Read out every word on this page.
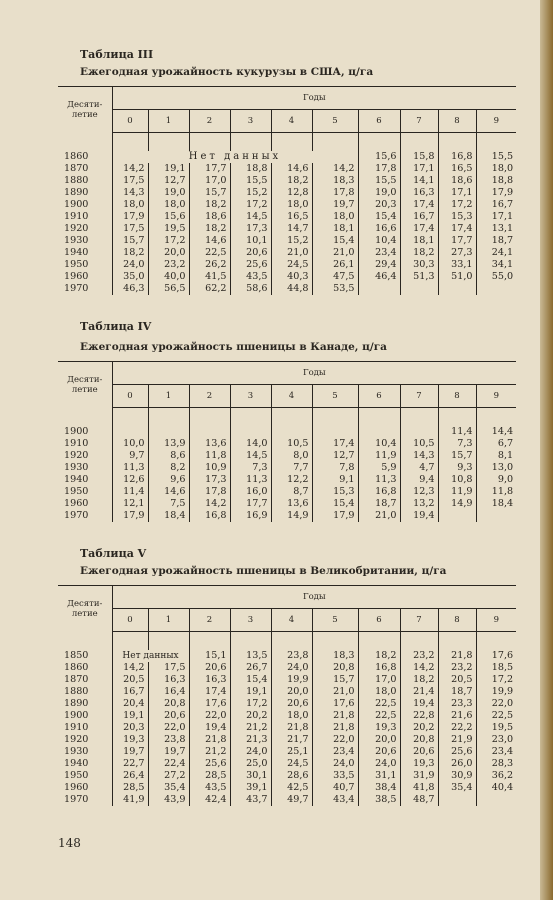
Таблица III

Ежегодная урожайность кукурузы в США, ц/га

Десяти-
летие	Годы									
	0	1	2	3	4	5	6	7	8	9

1860	Нет данных						15,6	15,8	16,8	15,5
1870	14,2	19,1	17,7	18,8	14,6	14,2	17,8	17,1	16,5	18,0
1880	17,5	12,7	17,0	15,5	18,2	18,3	15,5	14,1	18,6	18,8
1890	14,3	19,0	15,7	15,2	12,8	17,8	19,0	16,3	17,1	17,9
1900	18,0	18,0	18,2	17,2	18,0	19,7	20,3	17,4	17,2	16,7
1910	17,9	15,6	18,6	14,5	16,5	18,0	15,4	16,7	15,3	17,1
1920	17,5	19,5	18,2	17,3	14,7	18,1	16,6	17,4	17,4	13,1
1930	15,7	17,2	14,6	10,1	15,2	15,4	10,4	18,1	17,7	18,7
1940	18,2	20,0	22,5	20,6	21,0	21,0	23,4	18,2	27,3	24,1
1950	24,0	23,2	26,2	25,6	24,5	26,1	29,4	30,3	33,1	34,1
1960	35,0	40,0	41,5	43,5	40,3	47,5	46,4	51,3	51,0	55,0
1970	46,3	56,5	62,2	58,6	44,8	53,5				

Таблица IV

Ежегодная урожайность пшеницы в Канаде, ц/га

Десяти-
летие	Годы									
	0	1	2	3	4	5	6	7	8	9

1900									11,4	14,4
1910	10,0	13,9	13,6	14,0	10,5	17,4	10,4	10,5	7,3	6,7
1920	9,7	8,6	11,8	14,5	8,0	12,7	11,9	14,3	15,7	8,1
1930	11,3	8,2	10,9	7,3	7,7	7,8	5,9	4,7	9,3	13,0
1940	12,6	9,6	17,3	11,3	12,2	9,1	11,3	9,4	10,8	9,0
1950	11,4	14,6	17,8	16,0	8,7	15,3	16,8	12,3	11,9	11,8
1960	12,1	7,5	14,2	17,7	13,6	15,4	18,7	13,2	14,9	18,4
1970	17,9	18,4	16,8	16,9	14,9	17,9	21,0	19,4		

Таблица V

Ежегодная урожайность пшеницы в Великобритании, ц/га

Десяти-
летие	Годы									
	0	1	2	3	4	5	6	7	8	9

1850	Нет данных		15,1	13,5	23,8	18,3	18,2	23,2	21,8	17,6
1860	14,2	17,5	20,6	26,7	24,0	20,8	16,8	14,2	23,2	18,5
1870	20,5	16,3	16,3	15,4	19,9	15,7	17,0	18,2	20,5	17,2
1880	16,7	16,4	17,4	19,1	20,0	21,0	18,0	21,4	18,7	19,9
1890	20,4	20,8	17,6	17,2	20,6	17,6	22,5	19,4	23,3	22,0
1900	19,1	20,6	22,0	20,2	18,0	21,8	22,5	22,8	21,6	22,5
1910	20,3	22,0	19,4	21,2	21,8	21,8	19,3	20,2	22,2	19,5
1920	19,3	23,8	21,8	21,3	21,7	22,0	20,0	20,8	21,9	23,0
1930	19,7	19,7	21,2	24,0	25,1	23,4	20,6	20,6	25,6	23,4
1940	22,7	22,4	25,6	25,0	24,5	24,0	24,0	19,3	26,0	28,3
1950	26,4	27,2	28,5	30,1	28,6	33,5	31,1	31,9	30,9	36,2
1960	28,5	35,4	43,5	39,1	42,5	40,7	38,4	41,8	35,4	40,4
1970	41,9	43,9	42,4	43,7	49,7	43,4	38,5	48,7		
148
